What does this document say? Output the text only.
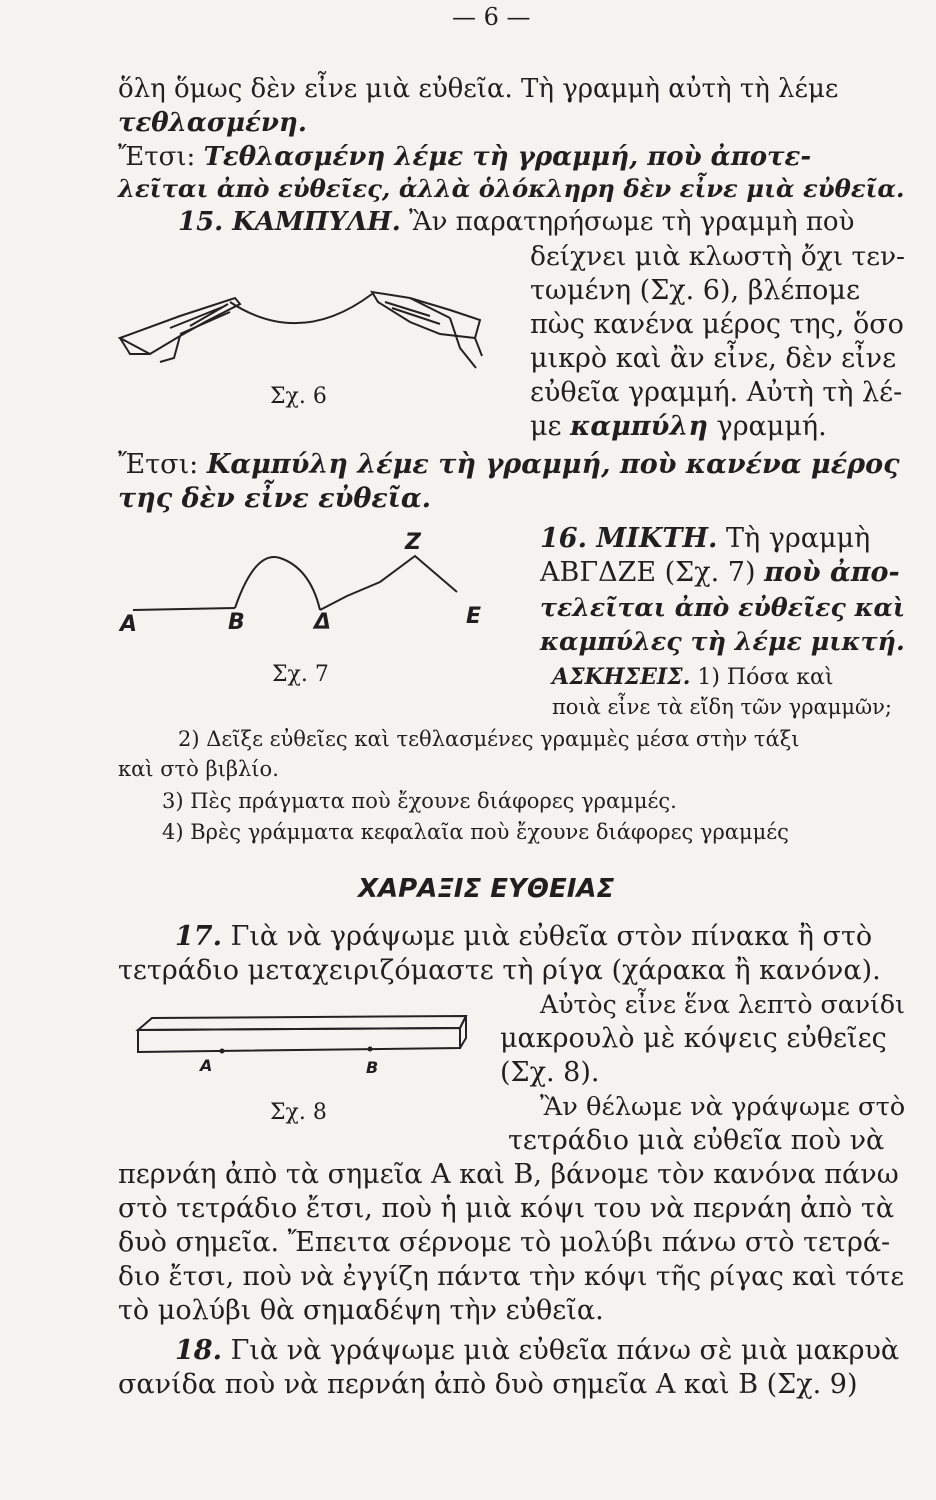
— 6 —
ὅλη ὅμως δὲν εἶνε μιὰ εὐθεῖα. Τὴ γραμμὴ αὐτὴ τὴ λέμε
τεθλασμένη.
Ἔτσι: Τεθλασμένη λέμε τὴ γραμμή, ποὺ ἀποτε-
λεῖται ἀπὸ εὐθεῖες, ἀλλὰ ὁλόκληρη δὲν εἶνε μιὰ εὐθεῖα.
15. ΚΑΜΠΥΛΗ. Ἂν παρατηρήσωμε τὴ γραμμὴ ποὺ
δείχνει μιὰ κλωστὴ ὄχι τεν-
τωμένη (Σχ. 6), βλέπομε
πὼς κανένα μέρος της, ὅσο
μικρὸ καὶ ἂν εἶνε, δὲν εἶνε
εὐθεῖα γραμμή. Αὐτὴ τὴ λέ-
με καμπύλη γραμμή.
Σχ. 6
Ἔτσι: Καμπύλη λέμε τὴ γραμμή, ποὺ κανένα μέρος
της δὲν εἶνε εὐθεῖα.
A	B	Δ
Z
E
Σχ. 7
16. ΜΙΚΤΗ. Τὴ γραμμὴ
ΑΒΓΔΖΕ (Σχ. 7) ποὺ ἀπο-
τελεῖται ἀπὸ εὐθεῖες καὶ
καμπύλες τὴ λέμε μικτή.
ΑΣΚΗΣΕΙΣ. 1) Πόσα καὶ
ποιὰ εἶνε τὰ εἴδη τῶν γραμμῶν;
2) Δεῖξε εὐθεῖες καὶ τεθλασμένες γραμμὲς μέσα στὴν τάξι
καὶ στὸ βιβλίο.
3) Πὲς πράγματα ποὺ ἔχουνε διάφορες γραμμές.
4) Βρὲς γράμματα κεφαλαῖα ποὺ ἔχουνε διάφορες γραμμές
ΧΑΡΑΞΙΣ ΕΥΘΕΙΑΣ
17. Γιὰ νὰ γράψωμε μιὰ εὐθεῖα στὸν πίνακα ἢ στὸ
τετράδιο μεταχειριζόμαστε τὴ ρίγα (χάρακα ἢ κανόνα).
Αὐτὸς εἶνε ἕνα λεπτὸ σανίδι
μακρουλὸ μὲ κόψεις εὐθεῖες
(Σχ. 8).
A	B
Σχ. 8	Ἂν θέλωμε νὰ γράψωμε στὸ
τετράδιο μιὰ εὐθεῖα ποὺ νὰ
περνάη ἀπὸ τὰ σημεῖα Α καὶ Β, βάνομε τὸν κανόνα πάνω
στὸ τετράδιο ἔτσι, ποὺ ἡ μιὰ κόψι του νὰ περνάη ἀπὸ τὰ
δυὸ σημεῖα. Ἔπειτα σέρνομε τὸ μολύβι πάνω στὸ τετρά-
διο ἔτσι, ποὺ νὰ ἐγγίζη πάντα τὴν κόψι τῆς ρίγας καὶ τότε
τὸ μολύβι θὰ σημαδέψη τὴν εὐθεῖα.
18. Γιὰ νὰ γράψωμε μιὰ εὐθεῖα πάνω σὲ μιὰ μακρυὰ
σανίδα ποὺ νὰ περνάη ἀπὸ δυὸ σημεῖα Α καὶ Β (Σχ. 9)
